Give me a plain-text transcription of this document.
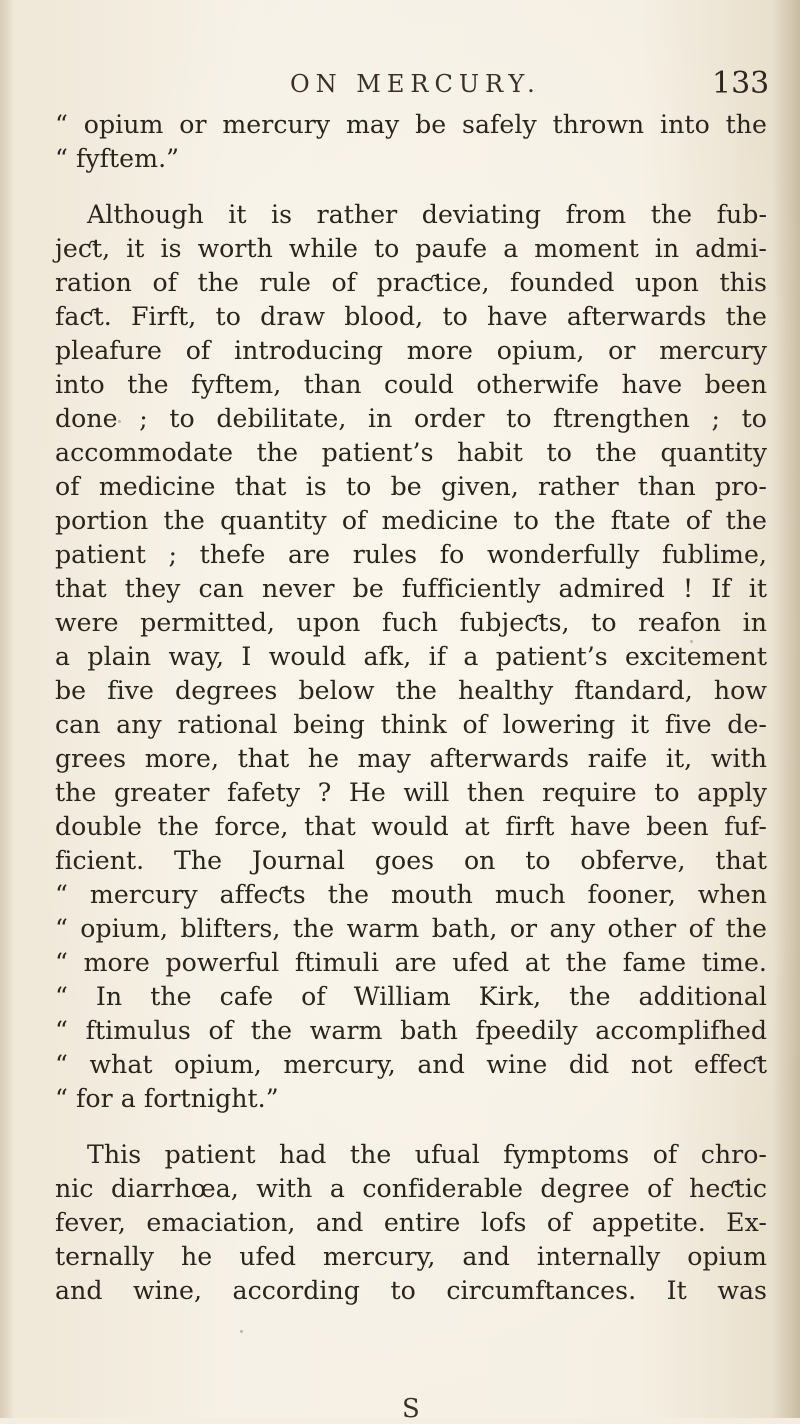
ON MERCURY.	133
“ opium or mercury may be safely thrown into the
“ fyftem.”
Although it is rather deviating from the fub-
jeƈt, it is worth while to paufe a moment in admi-
ration of the rule of praƈtice, founded upon this
faƈt. Firft, to draw blood, to have afterwards the
pleafure of introducing more opium, or mercury
into the fyftem, than could otherwife have been
done ; to debilitate, in order to ftrengthen ; to
accommodate the patient’s habit to the quantity
of medicine that is to be given, rather than pro-
portion the quantity of medicine to the ftate of the
patient ; thefe are rules fo wonderfully fublime,
that they can never be fufficiently admired ! If it
were permitted, upon fuch fubjeƈts, to reafon in
a plain way, I would afk, if a patient’s excitement
be five degrees below the healthy ftandard, how
can any rational being think of lowering it five de-
grees more, that he may afterwards raife it, with
the greater fafety ? He will then require to apply
double the force, that would at firft have been fuf-
ficient. The Journal goes on to obferve, that
“ mercury affeƈts the mouth much fooner, when
“ opium, blifters, the warm bath, or any other of the
“ more powerful ftimuli are ufed at the fame time.
“ In the cafe of William Kirk, the additional
“ ftimulus of the warm bath fpeedily accomplifhed
“ what opium, mercury, and wine did not effeƈt
“ for a fortnight.”
This patient had the ufual fymptoms of chro-
nic diarrhœa, with a confiderable degree of heƈtic
fever, emaciation, and entire lofs of appetite. Ex-
ternally he ufed mercury, and internally opium
and wine, according to circumftances. It was
S
